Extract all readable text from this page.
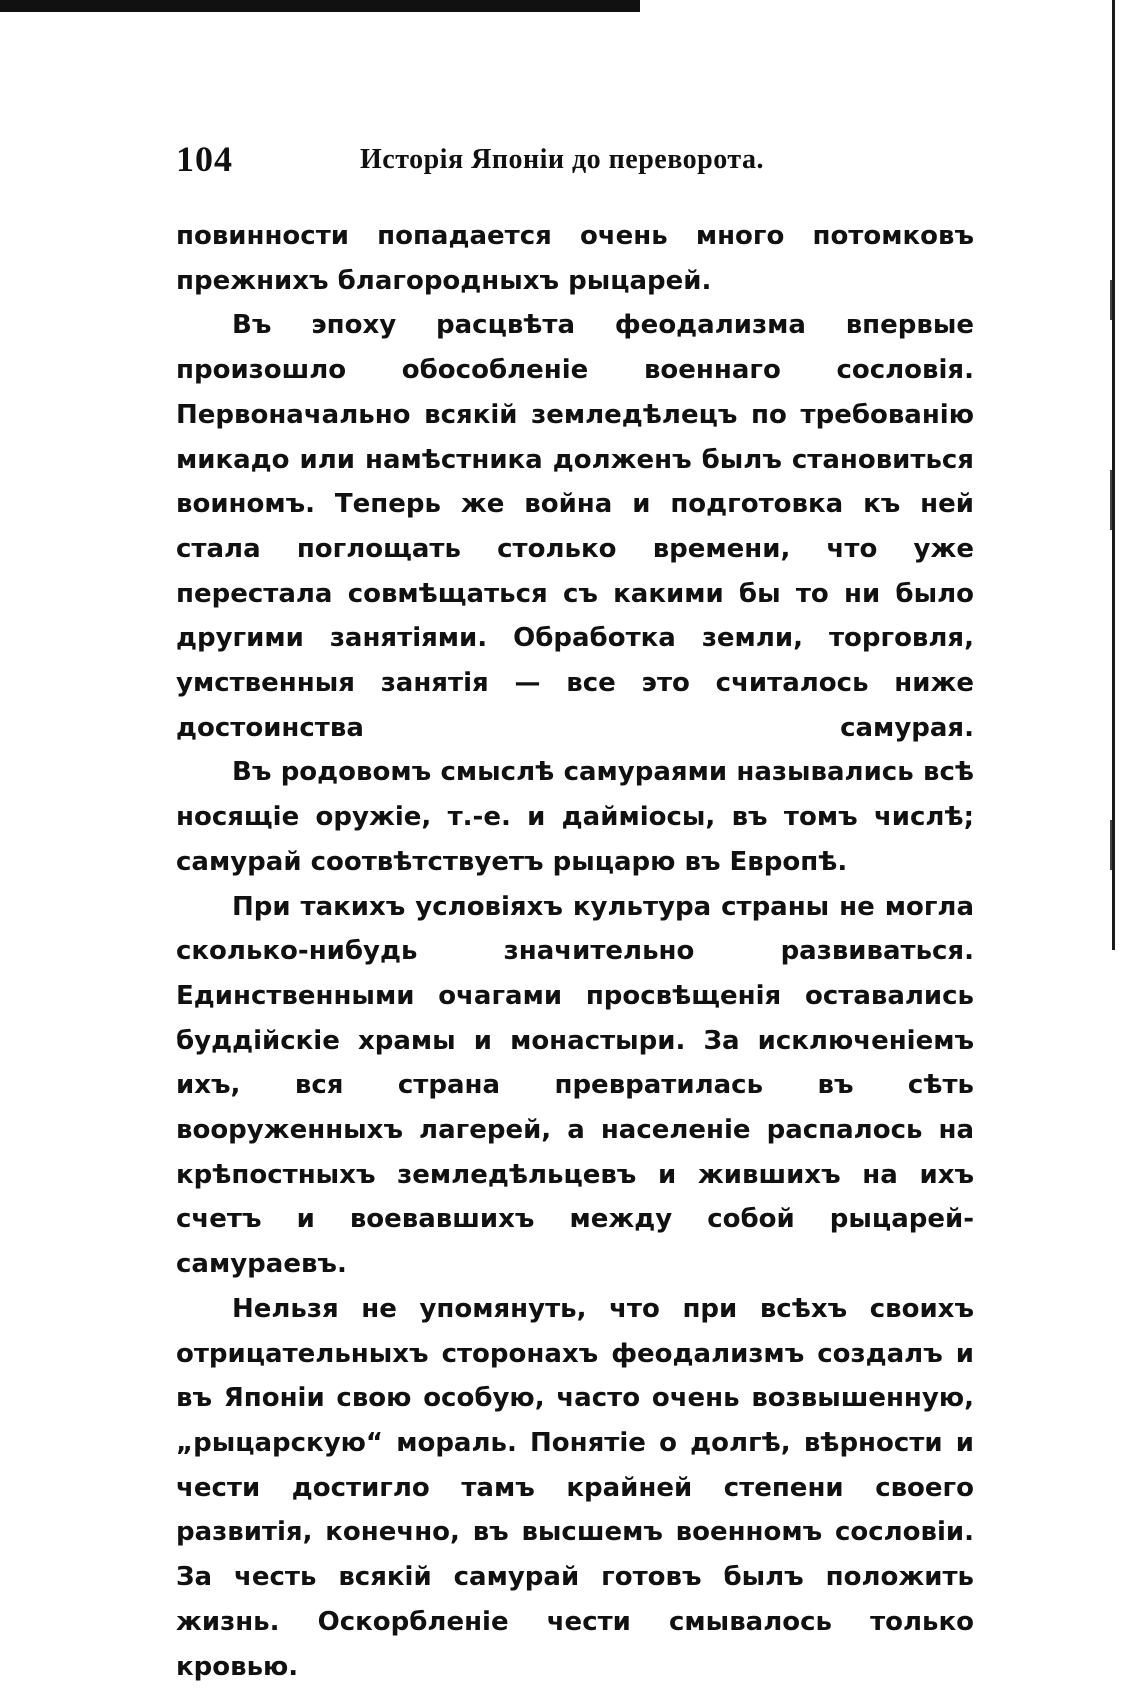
104	Исторія Японіи до переворота.

повинности попадается очень много потомковъ прежнихъ благородныхъ рыцарей.

Въ эпоху расцвѣта феодализма впервые произошло обособленіе военнаго сословія. Первоначально всякій земледѣлецъ по требованію микадо или намѣстника долженъ былъ становиться воиномъ. Теперь же война и подготовка къ ней стала поглощать столько времени, что уже перестала совмѣщаться съ какими бы то ни было другими занятіями. Обработка земли, торговля, умственныя занятія — все это считалось ниже достоинства самурая.

Въ родовомъ смыслѣ самураями назывались всѣ носящіе оружіе, т.-е. и даймiосы, въ томъ числѣ; самурай соотвѣтствуетъ рыцарю въ Европѣ.

При такихъ условіяхъ культура страны не могла сколько-нибудь значительно развиваться. Единственными очагами просвѣщенія оставались буддійскіе храмы и монастыри. За исключеніемъ ихъ, вся страна превратилась въ сѣть вооруженныхъ лагерей, а населеніе распалось на крѣпостныхъ земледѣльцевъ и жившихъ на ихъ счетъ и воевавшихъ между собой рыцарей-самураевъ.

Нельзя не упомянуть, что при всѣхъ своихъ отрицательныхъ сторонахъ феодализмъ создалъ и въ Японіи свою особую, часто очень возвышенную, „рыцарскую“ мораль. Понятіе о долгѣ, вѣрности и чести достигло тамъ крайней степени своего развитія, конечно, въ высшемъ военномъ сословіи. За честь всякій самурай готовъ былъ положить жизнь. Оскорбленіе чести смывалось только кровью.
